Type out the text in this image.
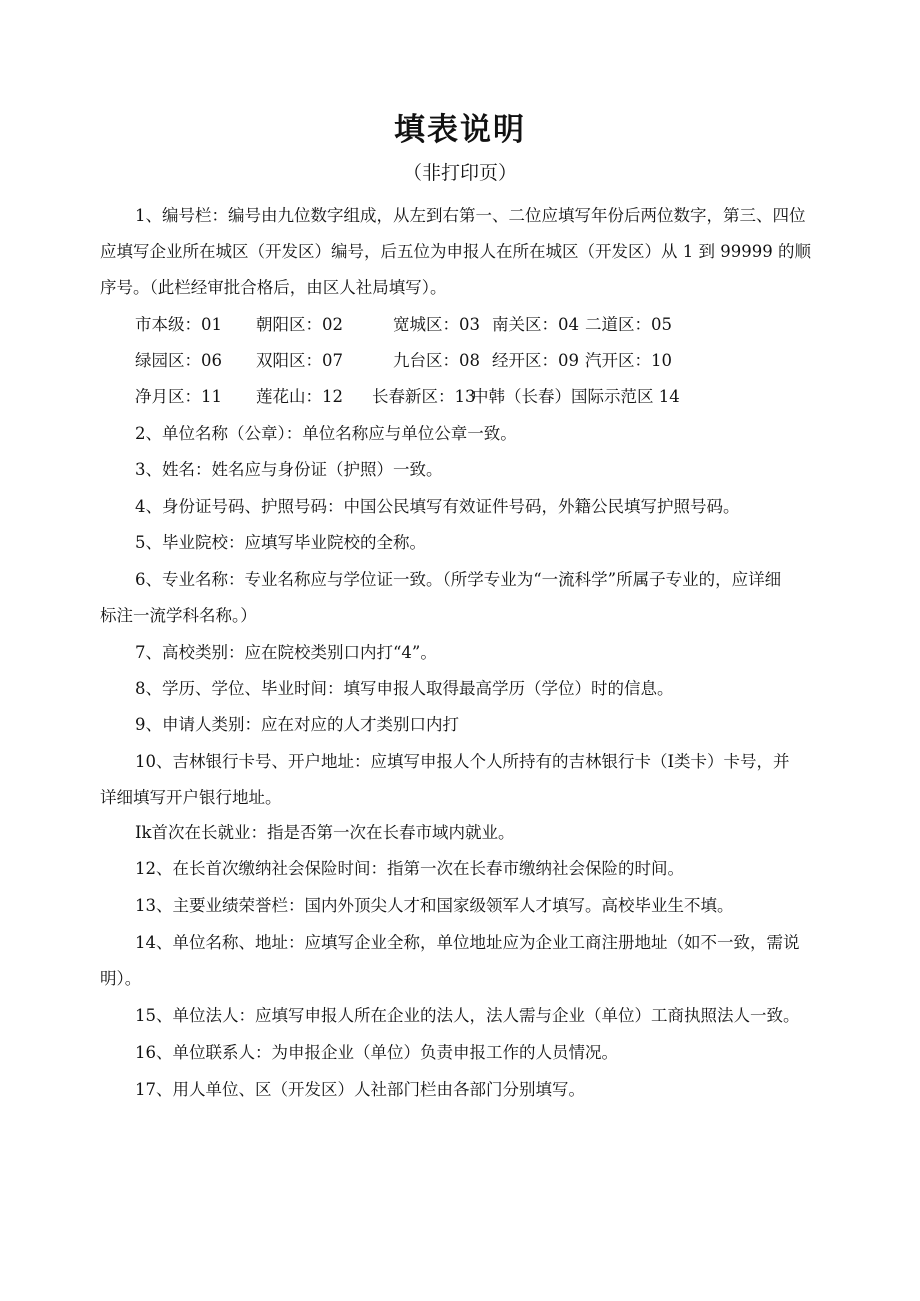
填表说明
（非打印页）
1、编号栏：编号由九位数字组成，从左到右第一、二位应填写年份后两位数字，第三、四位
应填写企业所在城区（开发区）编号，后五位为申报人在所在城区（开发区）从 1 到 99999 的顺
序号。（此栏经审批合格后，由区人社局填写）。
市本级：01 朝阳区：02	宽城区：03 南关区：04 二道区：05
绿园区：06 双阳区：07	九台区：08 经开区：09 汽开区：10
净月区：11 莲花山：12 长春新区：13
中韩（长春）国际示范区 14
2、单位名称（公章）：单位名称应与单位公章一致。
3、姓名：姓名应与身份证（护照）一致。
4、身份证号码、护照号码：中国公民填写有效证件号码，外籍公民填写护照号码。
5、毕业院校：应填写毕业院校的全称。
6、专业名称：专业名称应与学位证一致。（所学专业为“一流科学”所属子专业的，应详细
标注一流学科名称。）
7、高校类别：应在院校类别口内打“4”。
8、学历、学位、毕业时间：填写申报人取得最高学历（学位）时的信息。
9、申请人类别：应在对应的人才类别口内打
10、吉林银行卡号、开户地址：应填写申报人个人所持有的吉林银行卡（I类卡）卡号，并
详细填写开户银行地址。
Ik首次在长就业：指是否第一次在长春市域内就业。
12、在长首次缴纳社会保险时间：指第一次在长春市缴纳社会保险的时间。
13、主要业绩荣誉栏：国内外顶尖人才和国家级领军人才填写。高校毕业生不填。
14、单位名称、地址：应填写企业全称，单位地址应为企业工商注册地址（如不一致，需说
明）。
15、单位法人：应填写申报人所在企业的法人，法人需与企业（单位）工商执照法人一致。
16、单位联系人：为申报企业（单位）负责申报工作的人员情况。
17、用人单位、区（开发区）人社部门栏由各部门分别填写。
